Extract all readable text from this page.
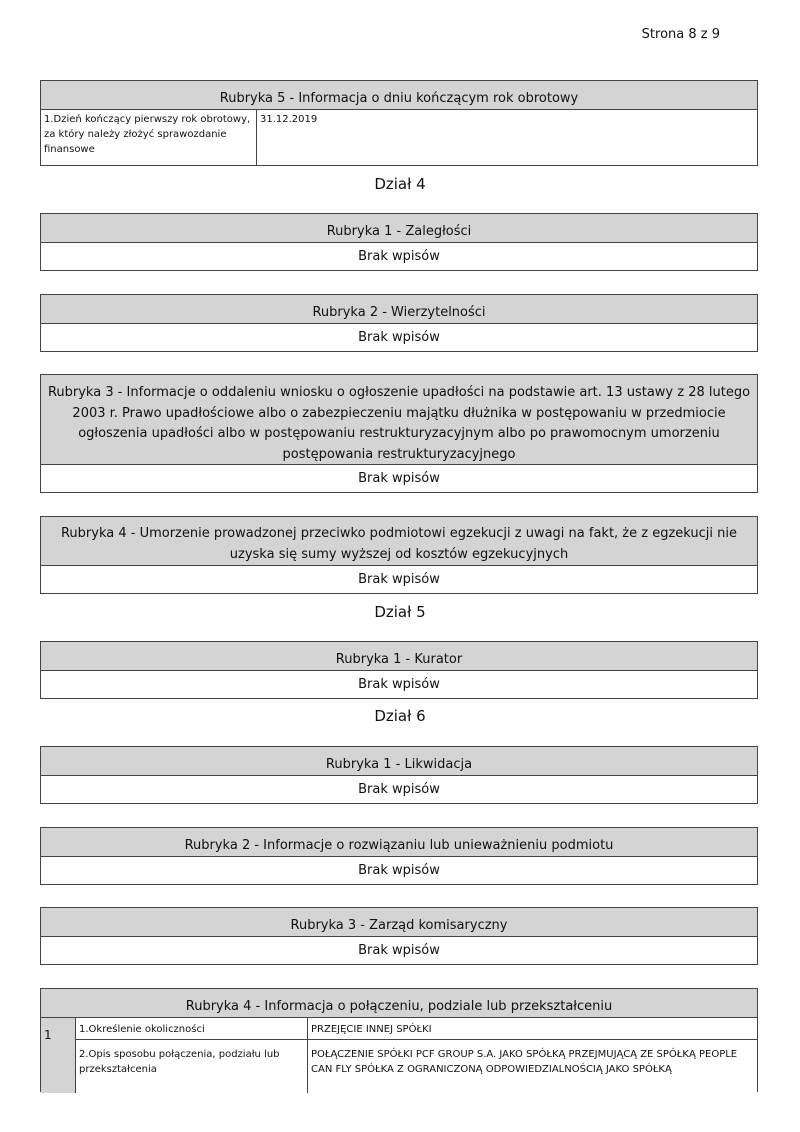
Strona 8 z 9
Rubryka 5 - Informacja o dniu kończącym rok obrotowy
1.Dzień kończący pierwszy rok obrotowy, za który należy złożyć sprawozdanie finansowe
31.12.2019
Dział 4
Rubryka 1 - Zaległości
Brak wpisów
Rubryka 2 - Wierzytelności
Brak wpisów
Rubryka 3 - Informacje o oddaleniu wniosku o ogłoszenie upadłości na podstawie art. 13 ustawy z 28 lutego 2003 r. Prawo upadłościowe albo o zabezpieczeniu majątku dłużnika w postępowaniu w przedmiocie ogłoszenia upadłości albo w postępowaniu restrukturyzacyjnym albo po prawomocnym umorzeniu postępowania restrukturyzacyjnego
Brak wpisów
Rubryka 4 - Umorzenie prowadzonej przeciwko podmiotowi egzekucji z uwagi na fakt, że z egzekucji nie uzyska się sumy wyższej od kosztów egzekucyjnych
Brak wpisów
Dział 5
Rubryka 1 - Kurator
Brak wpisów
Dział 6
Rubryka 1 - Likwidacja
Brak wpisów
Rubryka 2 - Informacje o rozwiązaniu lub unieważnieniu podmiotu
Brak wpisów
Rubryka 3 - Zarząd komisaryczny
Brak wpisów
Rubryka 4 - Informacja o połączeniu, podziale lub przekształceniu
1	1.Określenie okoliczności	PRZEJĘCIE INNEJ SPÓŁKI
2.Opis sposobu połączenia, podziału lub przekształcenia
POŁĄCZENIE SPÓŁKI PCF GROUP S.A. JAKO SPÓŁKĄ PRZEJMUJĄCĄ ZE SPÓŁKĄ PEOPLE CAN FLY SPÓŁKA Z OGRANICZONĄ ODPOWIEDZIALNOŚCIĄ JAKO SPÓŁKĄ
